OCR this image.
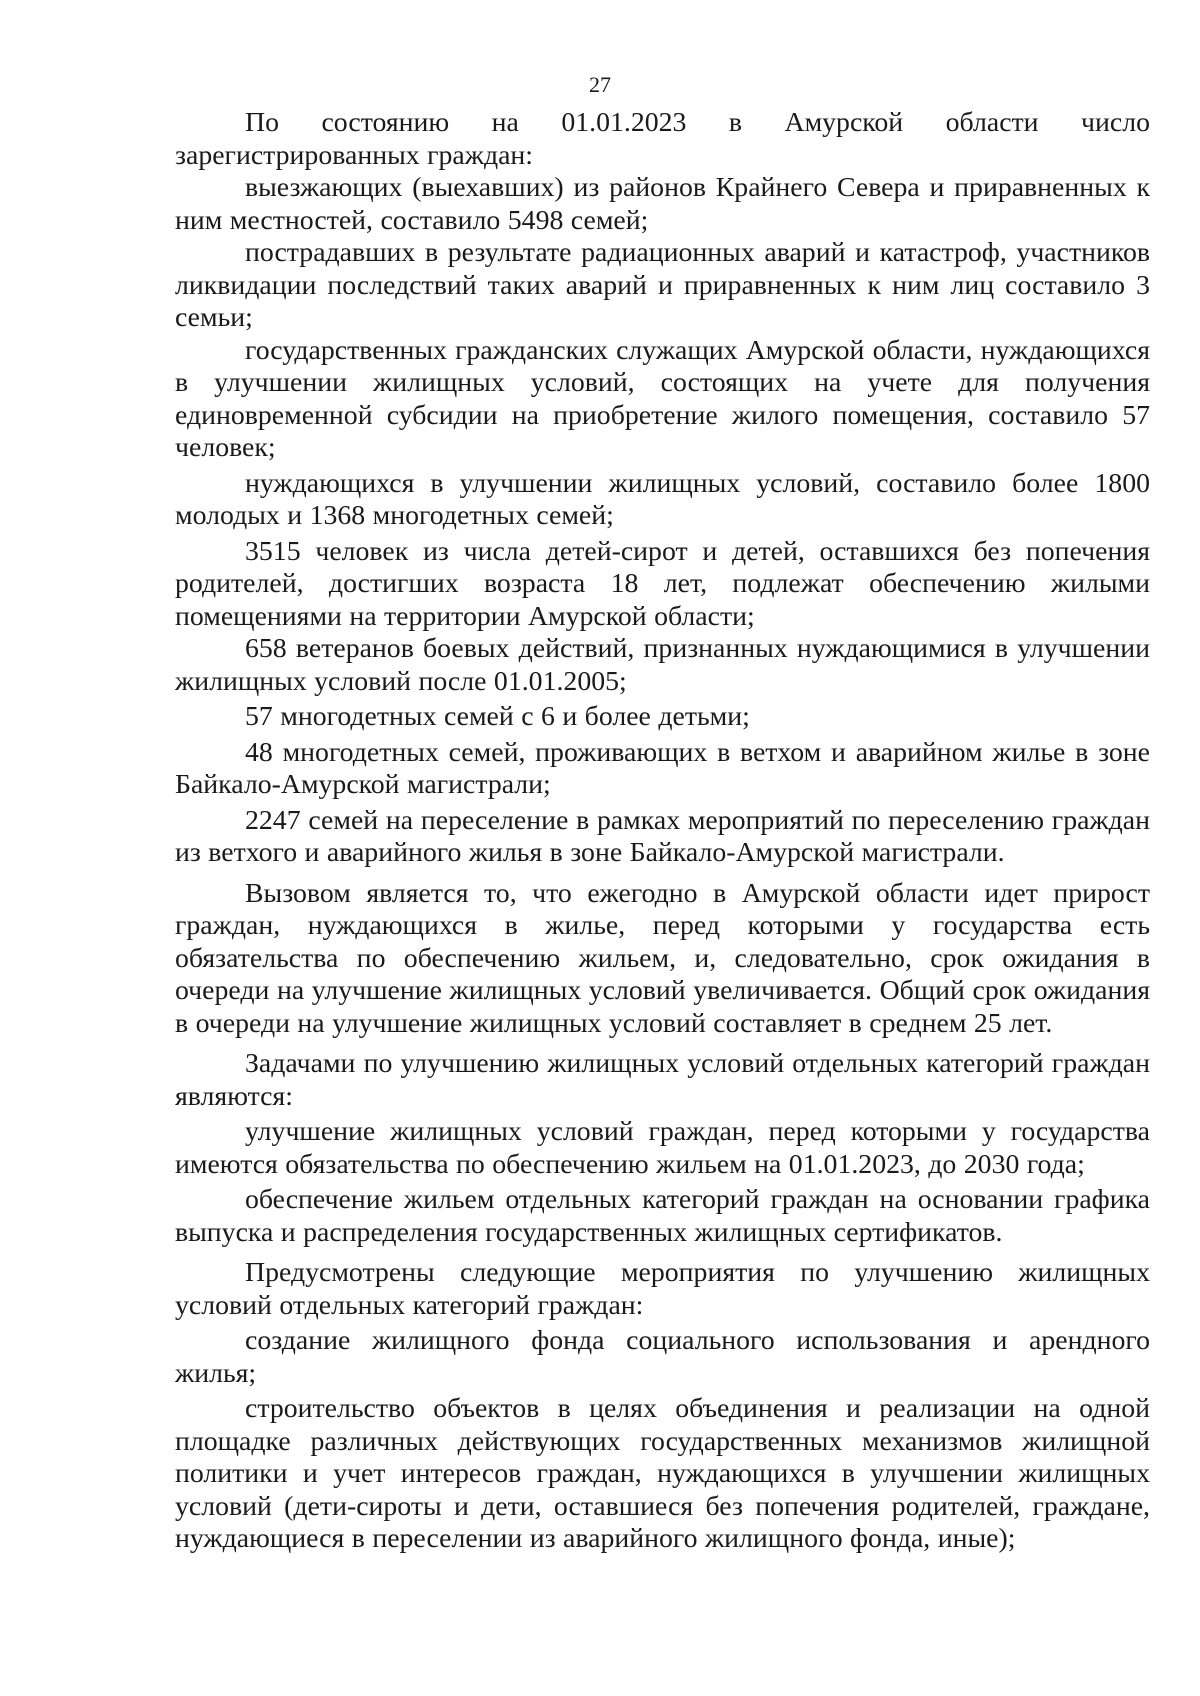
27

По состоянию на 01.01.2023 в Амурской области число зарегистрированных граждан:

выезжающих (выехавших) из районов Крайнего Севера и приравненных к ним местностей, составило 5498 семей;

пострадавших в результате радиационных аварий и катастроф, участников ликвидации последствий таких аварий и приравненных к ним лиц составило 3 семьи;

государственных гражданских служащих Амурской области, нуждающихся в улучшении жилищных условий, состоящих на учете для получения единовременной субсидии на приобретение жилого помещения, составило 57 человек;

нуждающихся в улучшении жилищных условий, составило более 1800 молодых и 1368 многодетных семей;

3515 человек из числа детей-сирот и детей, оставшихся без попечения родителей, достигших возраста 18 лет, подлежат обеспечению жилыми помещениями на территории Амурской области;

658 ветеранов боевых действий, признанных нуждающимися в улучшении жилищных условий после 01.01.2005;

57 многодетных семей с 6 и более детьми;

48 многодетных семей, проживающих в ветхом и аварийном жилье в зоне Байкало-Амурской магистрали;

2247 семей на переселение в рамках мероприятий по переселению граждан из ветхого и аварийного жилья в зоне Байкало-Амурской магистрали.

Вызовом является то, что ежегодно в Амурской области идет прирост граждан, нуждающихся в жилье, перед которыми у государства есть обязательства по обеспечению жильем, и, следовательно, срок ожидания в очереди на улучшение жилищных условий увеличивается. Общий срок ожидания в очереди на улучшение жилищных условий составляет в среднем 25 лет.

Задачами по улучшению жилищных условий отдельных категорий граждан являются:

улучшение жилищных условий граждан, перед которыми у государства имеются обязательства по обеспечению жильем на 01.01.2023, до 2030 года;

обеспечение жильем отдельных категорий граждан на основании графика выпуска и распределения государственных жилищных сертификатов.

Предусмотрены следующие мероприятия по улучшению жилищных условий отдельных категорий граждан:

создание жилищного фонда социального использования и арендного жилья;

строительство объектов в целях объединения и реализации на одной площадке различных действующих государственных механизмов жилищной политики и учет интересов граждан, нуждающихся в улучшении жилищных условий (дети-сироты и дети, оставшиеся без попечения родителей, граждане, нуждающиеся в переселении из аварийного жилищного фонда, иные);
